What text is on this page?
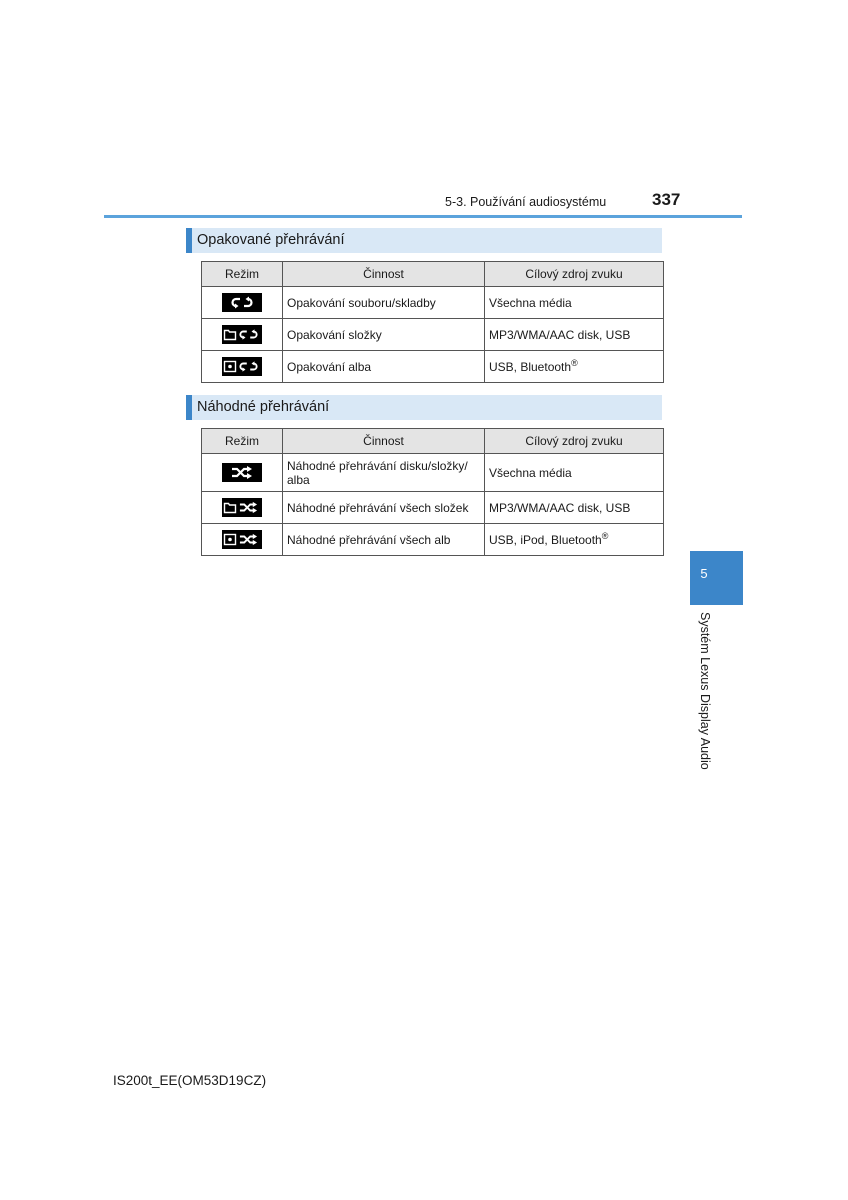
5-3. Používání audiosystému	337
Opakované přehrávání
Režim	Činnost	Cílový zdroj zvuku
	Opakování souboru/skladby	Všechna média
	Opakování složky	MP3/WMA/AAC disk, USB
	Opakování alba	USB, Bluetooth®
Náhodné přehrávání
Režim	Činnost	Cílový zdroj zvuku
	Náhodné přehrávání disku/složky/ alba	Všechna média
	Náhodné přehrávání všech složek	MP3/WMA/AAC disk, USB
	Náhodné přehrávání všech alb	USB, iPod, Bluetooth®
5
Systém Lexus Display Audio
IS200t_EE(OM53D19CZ)
